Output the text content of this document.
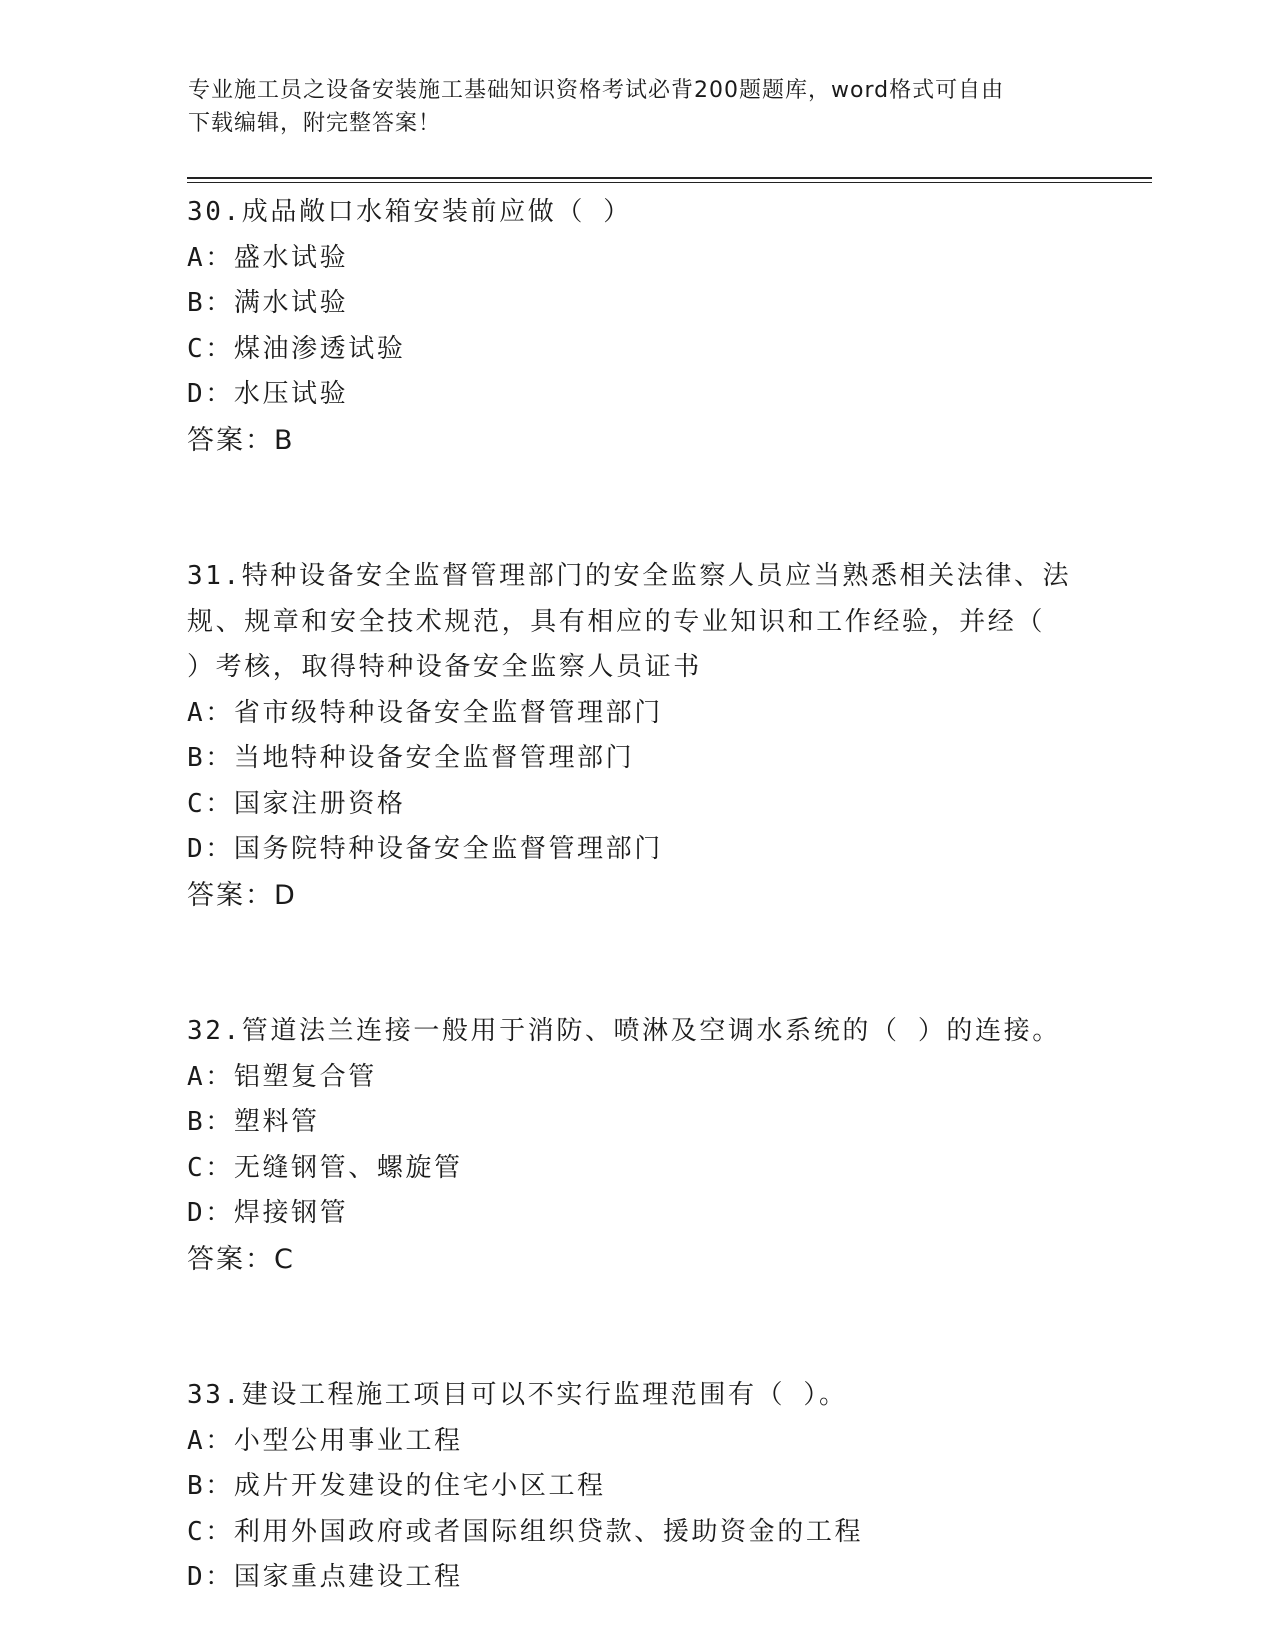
专业施工员之设备安装施工基础知识资格考试必背200题题库，word格式可自由
下载编辑，附完整答案！
30.成品敞口水箱安装前应做（ ）
A：盛水试验
B：满水试验
C：煤油渗透试验
D：水压试验
答案：B
31.特种设备安全监督管理部门的安全监察人员应当熟悉相关法律、法
规、规章和安全技术规范，具有相应的专业知识和工作经验，并经（
）考核，取得特种设备安全监察人员证书
A：省市级特种设备安全监督管理部门
B：当地特种设备安全监督管理部门
C：国家注册资格
D：国务院特种设备安全监督管理部门
答案：D
32.管道法兰连接一般用于消防、喷淋及空调水系统的（ ）的连接。
A：铝塑复合管
B：塑料管
C：无缝钢管、螺旋管
D：焊接钢管
答案：C
33.建设工程施工项目可以不实行监理范围有（ ）。
A：小型公用事业工程
B：成片开发建设的住宅小区工程
C：利用外国政府或者国际组织贷款、援助资金的工程
D：国家重点建设工程
